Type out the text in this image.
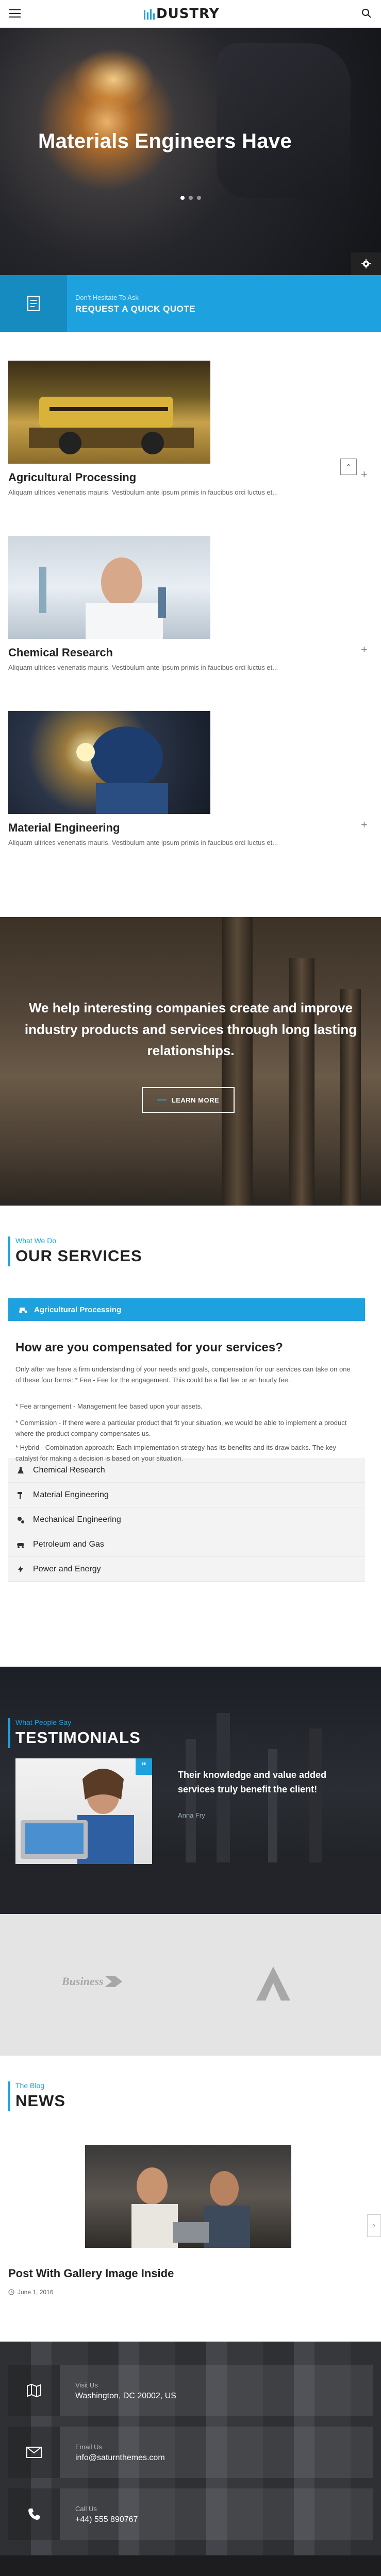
DUSTRY
Materials Engineers Have
Don't Hesitate To Ask
REQUEST A QUICK QUOTE
Agricultural Processing
Aliquam ultrices venenatis mauris. Vestibulum ante ipsum primis in faucibus orci luctus et...
+
⌃
Chemical Research
Aliquam ultrices venenatis mauris. Vestibulum ante ipsum primis in faucibus orci luctus et...
+
Material Engineering
Aliquam ultrices venenatis mauris. Vestibulum ante ipsum primis in faucibus orci luctus et...
+
We help interesting companies create and improve industry products and services through long lasting relationships.
LEARN MORE
What We Do
OUR SERVICES
Agricultural Processing
How are you compensated for your services?
Only after we have a firm understanding of your needs and goals, compensation for our services can take on one of these four forms: * Fee - Fee for the engagement. This could be a flat fee or an hourly fee.
* Fee arrangement - Management fee based upon your assets.
* Commission - If there were a particular product that fit your situation, we would be able to implement a product where the product company compensates us.
Chemical Research
Material Engineering
Mechanical Engineering
Petroleum and Gas
Power and Energy
What People Say
TESTIMONIALS
"
Their knowledge and value added services truly benefit the client!
Anna Fry
Business
The Blog
NEWS
›
Post With Gallery Image Inside
June 1, 2016
Visit Us
Washington, DC 20002, US
Email Us
info@saturnthemes.com
Call Us
+44) 555 890767
* Hybrid - Combination approach: Each implementation strategy has its benefits and its draw backs. The key catalyst for making a decision is based on your situation.
